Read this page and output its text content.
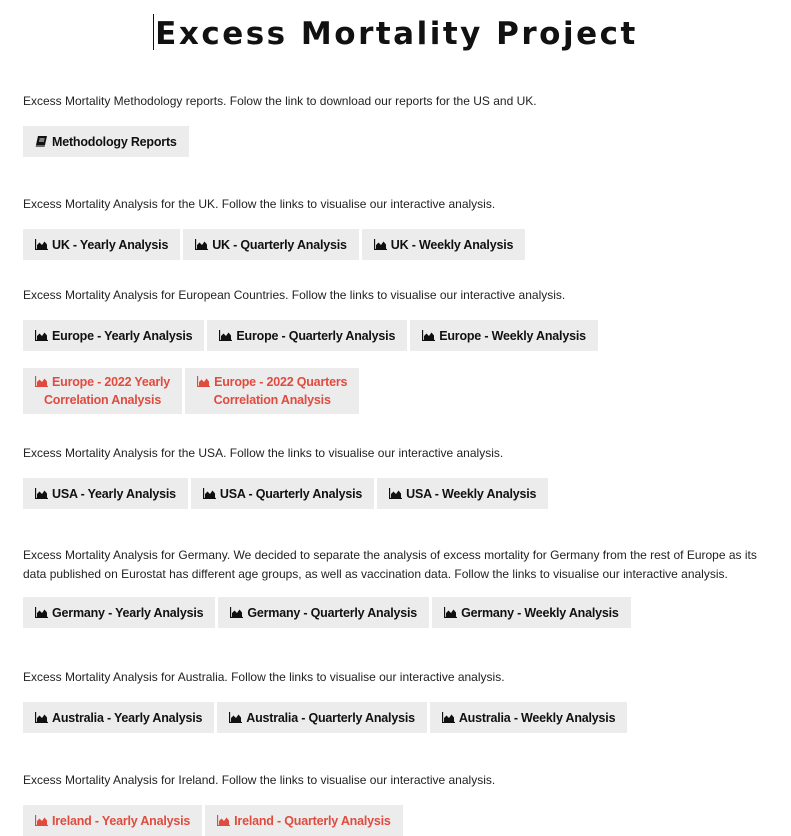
Excess Mortality Project

Excess Mortality Methodology reports. Folow the link to download our reports for the US and UK.

Methodology Reports

Excess Mortality Analysis for the UK. Follow the links to visualise our interactive analysis.

UK - Yearly Analysis	UK - Quarterly Analysis	UK - Weekly Analysis

Excess Mortality Analysis for European Countries. Follow the links to visualise our interactive analysis.

Europe - Yearly Analysis	Europe - Quarterly Analysis	Europe - Weekly Analysis
Europe - 2022 Yearly
Correlation Analysis
Europe - 2022 Quarters
Correlation Analysis

Excess Mortality Analysis for the USA. Follow the links to visualise our interactive analysis.

USA - Yearly Analysis	USA - Quarterly Analysis	USA - Weekly Analysis

Excess Mortality Analysis for Germany. We decided to separate the analysis of excess mortality for Germany from the rest of Europe as its data published on Eurostat has different age groups, as well as vaccination data. Follow the links to visualise our interactive analysis.

Germany - Yearly Analysis	Germany - Quarterly Analysis	Germany - Weekly Analysis

Excess Mortality Analysis for Australia. Follow the links to visualise our interactive analysis.

Australia - Yearly Analysis	Australia - Quarterly Analysis	Australia - Weekly Analysis

Excess Mortality Analysis for Ireland. Follow the links to visualise our interactive analysis.

Ireland - Yearly Analysis	Ireland - Quarterly Analysis
